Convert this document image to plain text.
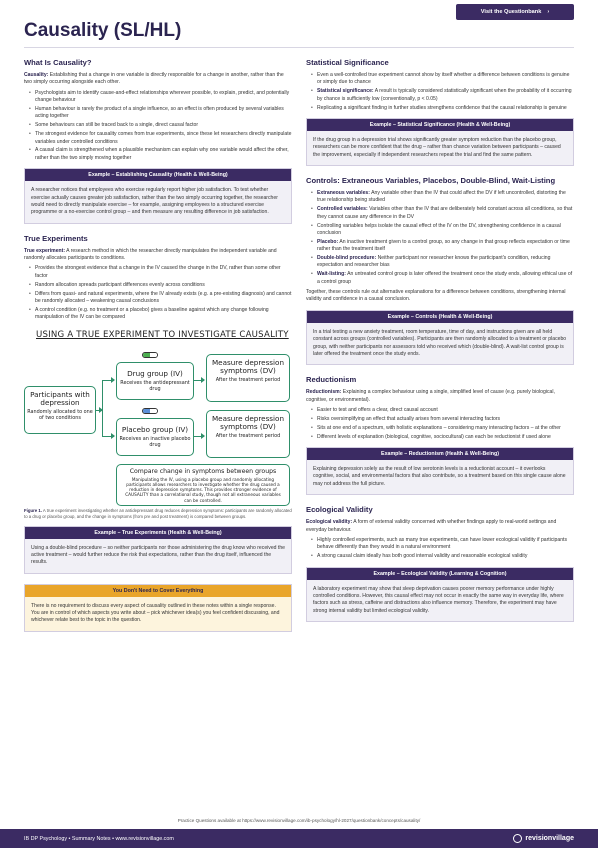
Visit the Questionbank ›
Causality (SL/HL)
What Is Causality?

Causality: Establishing that a change in one variable is directly responsible for a change in another, rather than the two simply occurring alongside each other.

• Psychologists aim to identify cause-and-effect relationships wherever possible, to explain, predict, and potentially change behaviour
• Human behaviour is rarely the product of a single influence, so an effect is often produced by several variables acting together
• Some behaviours can still be traced back to a single, direct causal factor
• The strongest evidence for causality comes from true experiments, since these let researchers directly manipulate variables under controlled conditions
• A causal claim is strengthened when a plausible mechanism can explain why one variable would affect the other, rather than the two simply moving together
Example – Establishing Causality (Health & Well-Being)

A researcher notices that employees who exercise regularly report higher job satisfaction. To test whether exercise actually causes greater job satisfaction, rather than the two simply occurring together, the researcher would need to directly manipulate exercise – for example, assigning employees to a structured exercise programme or a no-exercise control group – and then measure any resulting difference in job satisfaction.

True Experiments

True experiment: A research method in which the researcher directly manipulates the independent variable and randomly allocates participants to conditions.

• Provides the strongest evidence that a change in the IV caused the change in the DV, rather than some other factor
• Random allocation spreads participant differences evenly across conditions
• Differs from quasi- and natural experiments, where the IV already exists (e.g. a pre-existing diagnosis) and cannot be randomly allocated – weakening causal conclusions
• A control condition (e.g. no treatment or a placebo) gives a baseline against which any change following manipulation of the IV can be compared
USING A TRUE EXPERIMENT TO INVESTIGATE CAUSALITY
Participants with depression
Randomly allocated to one of two conditions
Drug group (IV)
Receives the antidepressant drug
Placebo group (IV)
Receives an inactive placebo drug
Measure depression symptoms (DV)
After the treatment period
Measure depression symptoms (DV)
After the treatment period
Compare change in symptoms between groups
Manipulating the IV, using a placebo group and randomly allocating participants allows researchers to investigate whether the drug caused a reduction in depression symptoms. This provides stronger evidence of CAUSALITY than a correlational study, though not all extraneous variables can be controlled.

Figure 1. A true experiment investigating whether an antidepressant drug reduces depression symptoms: participants are randomly allocated to a drug or placebo group, and the change in symptoms (from pre and post treatment) is compared between groups.

Example – True Experiments (Health & Well-Being)

Using a double-blind procedure – so neither participants nor those administering the drug know who received the active treatment – would further reduce the risk that expectations, rather than the drug itself, influenced the results.

You Don't Need to Cover Everything

There is no requirement to discuss every aspect of causality outlined in these notes within a single response. You are in control of which aspects you write about – pick whichever idea(s) you feel confident discussing, and whichever relate best to the topic in the question.

Statistical Significance
• Even a well-controlled true experiment cannot show by itself whether a difference between conditions is genuine or simply due to chance
• Statistical significance: A result is typically considered statistically significant when the probability of it occurring by chance is sufficiently low (conventionally, p < 0.05)
• Replicating a significant finding in further studies strengthens confidence that the causal relationship is genuine
Example – Statistical Significance (Health & Well-Being)

If the drug group in a depression trial shows significantly greater symptom reduction than the placebo group, researchers can be more confident that the drug – rather than chance variation between participants – caused the improvement, especially if independent researchers repeat the trial and find the same pattern.

Controls: Extraneous Variables, Placebos, Double-Blind, Wait-Listing
• Extraneous variables: Any variable other than the IV that could affect the DV if left uncontrolled, distorting the true relationship being studied
• Controlled variables: Variables other than the IV that are deliberately held constant across all conditions, so that they cannot cause any difference in the DV
• Controlling variables helps isolate the causal effect of the IV on the DV, strengthening confidence in a causal conclusion
• Placebo: An inactive treatment given to a control group, so any change in that group reflects expectation or time rather than the treatment itself
• Double-blind procedure: Neither participant nor researcher knows the participant's condition, reducing expectation and researcher bias
• Wait-listing: An untreated control group is later offered the treatment once the study ends, allowing ethical use of a control group

Together, these controls rule out alternative explanations for a difference between conditions, strengthening internal validity and confidence in a causal conclusion.

Example – Controls (Health & Well-Being)

In a trial testing a new anxiety treatment, room temperature, time of day, and instructions given are all held constant across groups (controlled variables). Participants are then randomly allocated to a treatment or placebo group, with neither participants nor assessors told who received which (double-blind). A wait-list control group is later offered the treatment once the study ends.

Reductionism

Reductionism: Explaining a complex behaviour using a single, simplified level of cause (e.g. purely biological, cognitive, or environmental).

• Easier to test and offers a clear, direct causal account
• Risks oversimplifying an effect that actually arises from several interacting factors
• Sits at one end of a spectrum, with holistic explanations – considering many interacting factors – at the other
• Different levels of explanation (biological, cognitive, sociocultural) can each be reductionist if used alone
Example – Reductionism (Health & Well-Being)

Explaining depression solely as the result of low serotonin levels is a reductionist account – it overlooks cognitive, social, and environmental factors that also contribute, so a treatment based on this single cause alone may not address the full picture.

Ecological Validity

Ecological validity: A form of external validity concerned with whether findings apply to real-world settings and everyday behaviour.

• Highly controlled experiments, such as many true experiments, can have lower ecological validity if participants behave differently than they would in a natural environment
• A strong causal claim ideally has both good internal validity and reasonable ecological validity
Example – Ecological Validity (Learning & Cognition)

A laboratory experiment may show that sleep deprivation causes poorer memory performance under highly controlled conditions. However, this causal effect may not occur in exactly the same way in everyday life, where factors such as stress, caffeine and distractions also influence memory. Therefore, the experiment may have strong internal validity but limited ecological validity.

Practice Questions available at https://www.revisionvillage.com/ib-psychology/hl-2027/questionbank/concepts/causality/
IB DP Psychology • Summary Notes • www.revisionvillage.com	revisionvillage
